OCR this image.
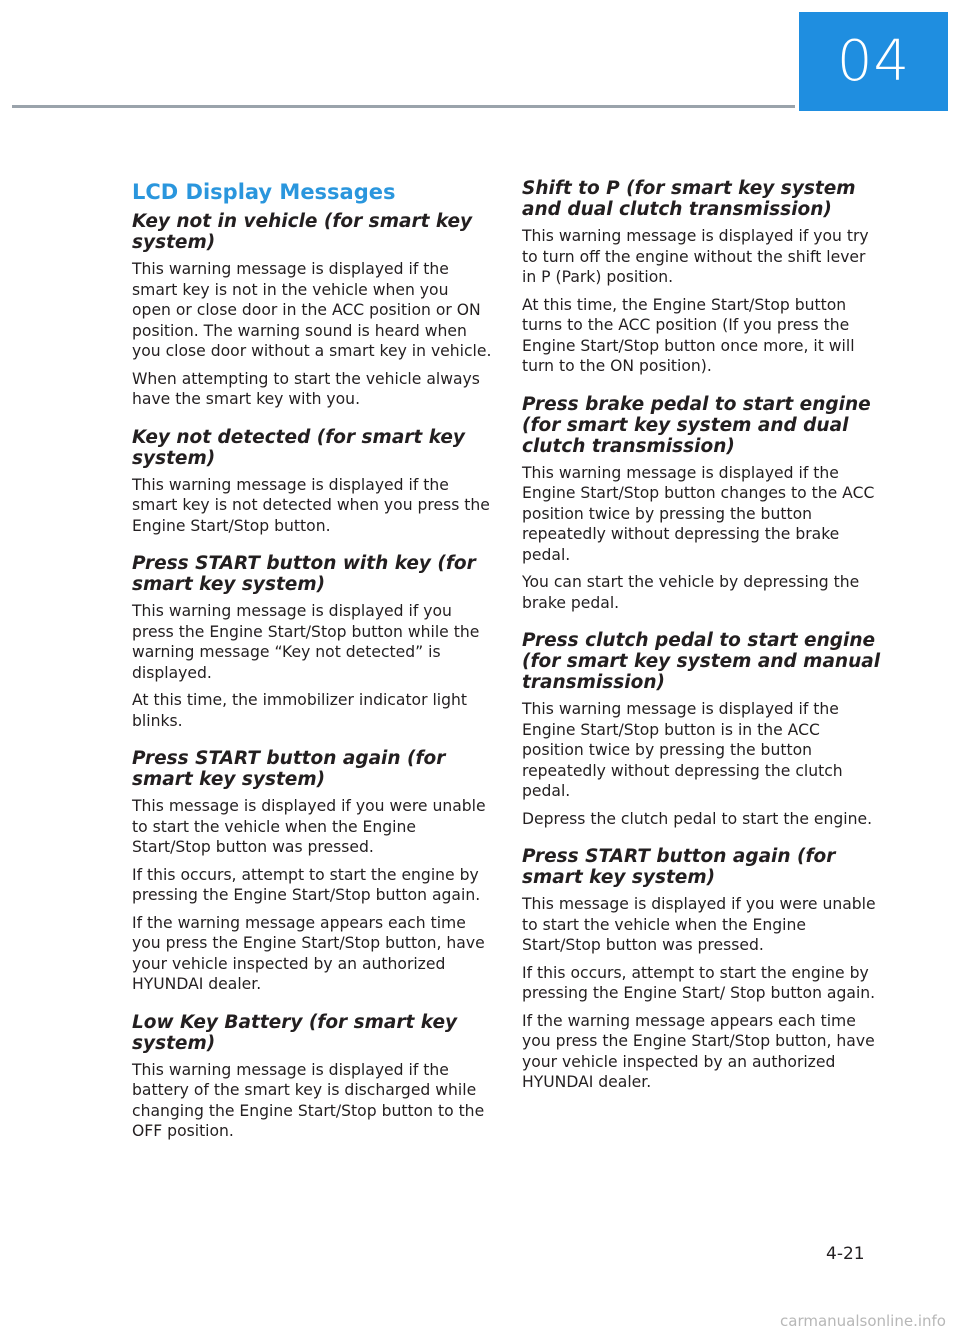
04
LCD Display Messages
Key not in vehicle (for smart key system)

This warning message is displayed if the smart key is not in the vehicle when you open or close door in the ACC position or ON position. The warning sound is heard when you close door without a smart key in vehicle.

When attempting to start the vehicle always have the smart key with you.

Key not detected (for smart key system)

This warning message is displayed if the smart key is not detected when you press the Engine Start/Stop button.

Press START button with key (for smart key system)

This warning message is displayed if you press the Engine Start/Stop button while the warning message “Key not detected” is displayed.

At this time, the immobilizer indicator light blinks.

Press START button again (for smart key system)

This message is displayed if you were unable to start the vehicle when the Engine Start/Stop button was pressed.

If this occurs, attempt to start the engine by pressing the Engine Start/Stop button again.

If the warning message appears each time you press the Engine Start/Stop button, have your vehicle inspected by an authorized HYUNDAI dealer.

Low Key Battery (for smart key system)

This warning message is displayed if the battery of the smart key is discharged while changing the Engine Start/Stop button to the OFF position.

Shift to P (for smart key system and dual clutch transmission)

This warning message is displayed if you try to turn off the engine without the shift lever in P (Park) position.

At this time, the Engine Start/Stop button turns to the ACC position (If you press the Engine Start/Stop button once more, it will turn to the ON position).

Press brake pedal to start engine (for smart key system and dual clutch transmission)

This warning message is displayed if the Engine Start/Stop button changes to the ACC position twice by pressing the button repeatedly without depressing the brake pedal.

You can start the vehicle by depressing the brake pedal.

Press clutch pedal to start engine (for smart key system and manual transmission)

This warning message is displayed if the Engine Start/Stop button is in the ACC position twice by pressing the button repeatedly without depressing the clutch pedal.

Depress the clutch pedal to start the engine.

Press START button again (for smart key system)

This message is displayed if you were unable to start the vehicle when the Engine Start/Stop button was pressed.

If this occurs, attempt to start the engine by pressing the Engine Start/ Stop button again.

If the warning message appears each time you press the Engine Start/Stop button, have your vehicle inspected by an authorized HYUNDAI dealer.

4-21
carmanualsonline.info
